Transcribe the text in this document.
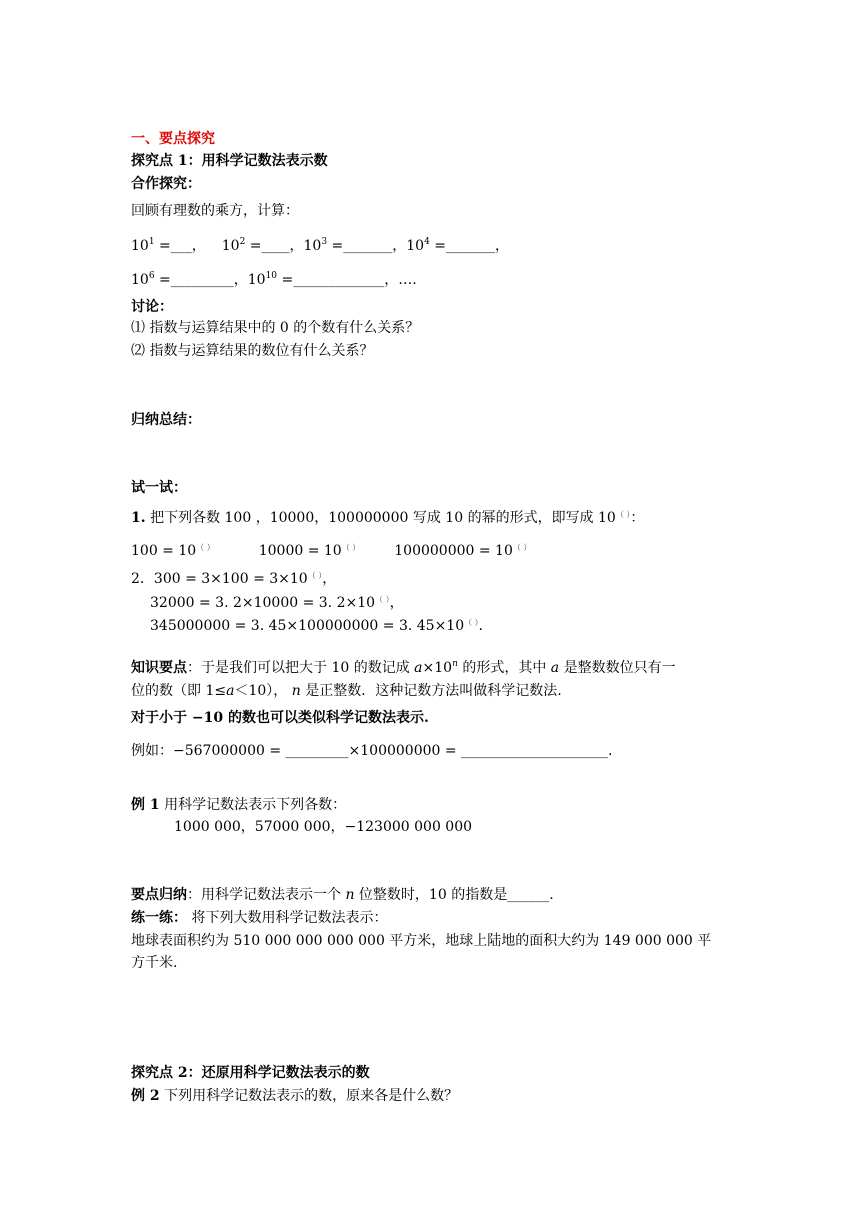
一、要点探究
探究点 1：用科学记数法表示数
合作探究：
回顾有理数的乘方，计算：
$10^1$ =___， $10^2$ =____，$10^3$ =_______，$10^4$ =_______，
$10^6$ =_________，$10^{10}$ =_____________，….
讨论：
⑴ 指数与运算结果中的 0 的个数有什么关系？
⑵ 指数与运算结果的数位有什么关系？
归纳总结：
试一试：
1. 把下列各数 100 ，10000，100000000 写成 10 的幂的形式，即写成 10（ ）：
100 = 10（ ）	10000 = 10（ ） 100000000 = 10（ ）
2．300 = 3×100 = 3×10（ ），
32000 = 3. 2×10000 = 3. 2×10（ ），
345000000 = 3. 45×100000000 = 3. 45×10（ ）．
知识要点：于是我们可以把大于 10 的数记成 $a\times 10^n$ 的形式，其中 a 是整数数位只有一
位的数（即 1≤a＜10）， n 是正整数．这种记数方法叫做科学记数法.
对于小于 −10 的数也可以类似科学记数法表示.
例如：−567000000 = _________×100000000 = _____________________.
例 1 用科学记数法表示下列各数：
1000 000，57000 000，−123000 000 000
要点归纳：用科学记数法表示一个 n 位整数时，10 的指数是______.
练一练： 将下列大数用科学记数法表示：
地球表面积约为 510 000 000 000 000 平方米，地球上陆地的面积大约为 149 000 000 平
方千米.
探究点 2：还原用科学记数法表示的数
例 2 下列用科学记数法表示的数，原来各是什么数？
